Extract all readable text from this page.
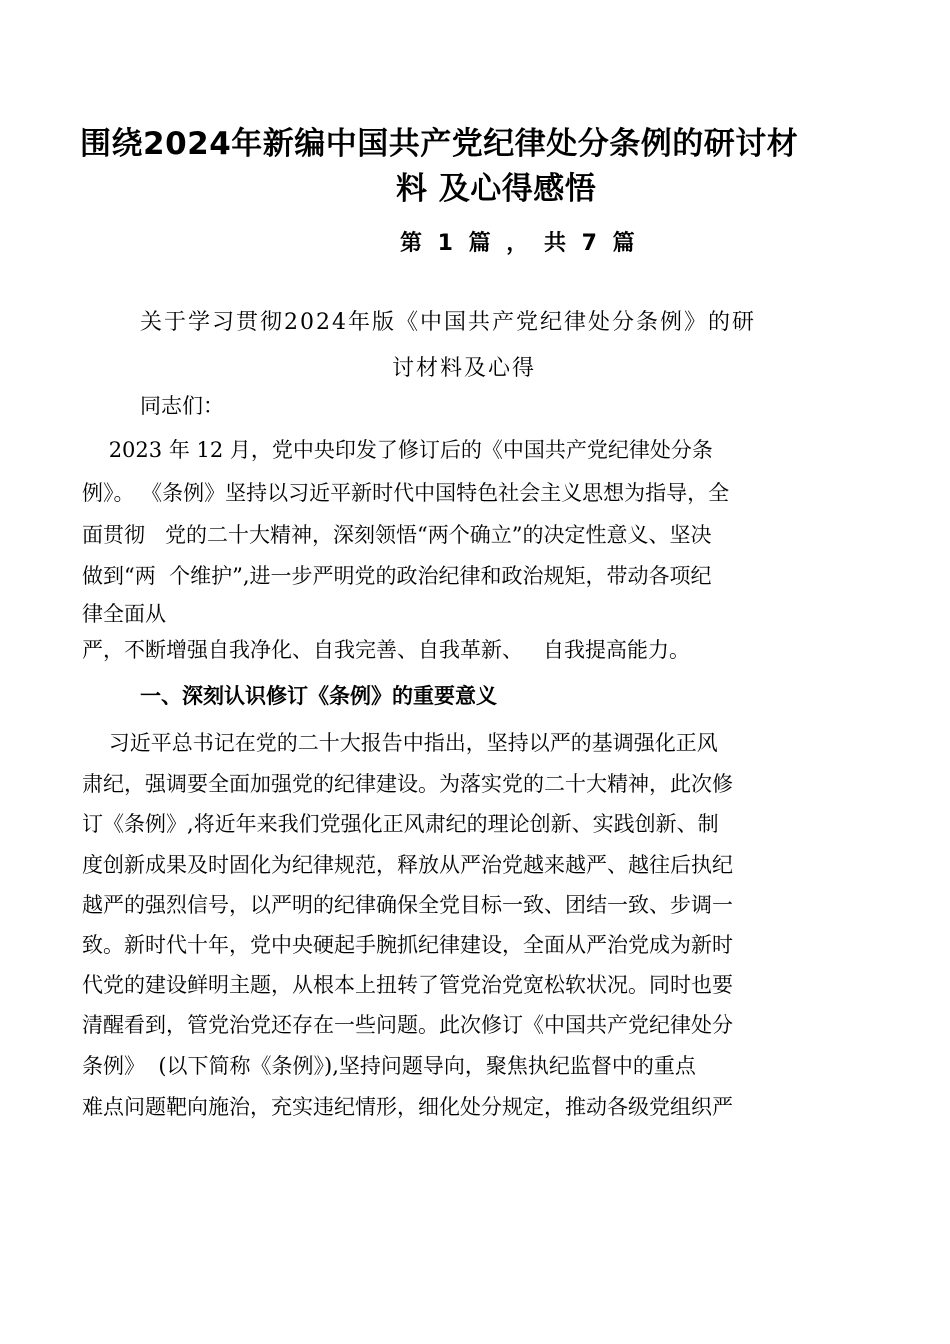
围绕2024年新编中国共产党纪律处分条例的研讨材
料 及心得感悟
第 1 篇 ， 共 7 篇
关于学习贯彻2024年版《中国共产党纪律处分条例》的研
讨材料及心得
同志们：
2023 年 12 月，党中央印发了修订后的《中国共产党纪律处分条
例》。 《条例》坚持以习近平新时代中国特色社会主义思想为指导，全
面贯彻   党的二十大精神，深刻领悟“两个确立”的决定性意义、坚决
做到“两  个维护”,进一步严明党的政治纪律和政治规矩，带动各项纪
律全面从
严，不断增强自我净化、自我完善、自我革新、   自我提高能力。
一、深刻认识修订《条例》的重要意义
习近平总书记在党的二十大报告中指出，坚持以严的基调强化正风
肃纪，强调要全面加强党的纪律建设。为落实党的二十大精神，此次修
订《条例》,将近年来我们党强化正风肃纪的理论创新、实践创新、制
度创新成果及时固化为纪律规范，释放从严治党越来越严、越往后执纪
越严的强烈信号，以严明的纪律确保全党目标一致、团结一致、步调一
致。新时代十年，党中央硬起手腕抓纪律建设，全面从严治党成为新时
代党的建设鲜明主题，从根本上扭转了管党治党宽松软状况。同时也要
清醒看到，管党治党还存在一些问题。此次修订《中国共产党纪律处分
条例》  (以下简称《条例》),坚持问题导向，聚焦执纪监督中的重点
难点问题靶向施治，充实违纪情形，细化处分规定，推动各级党组织严
